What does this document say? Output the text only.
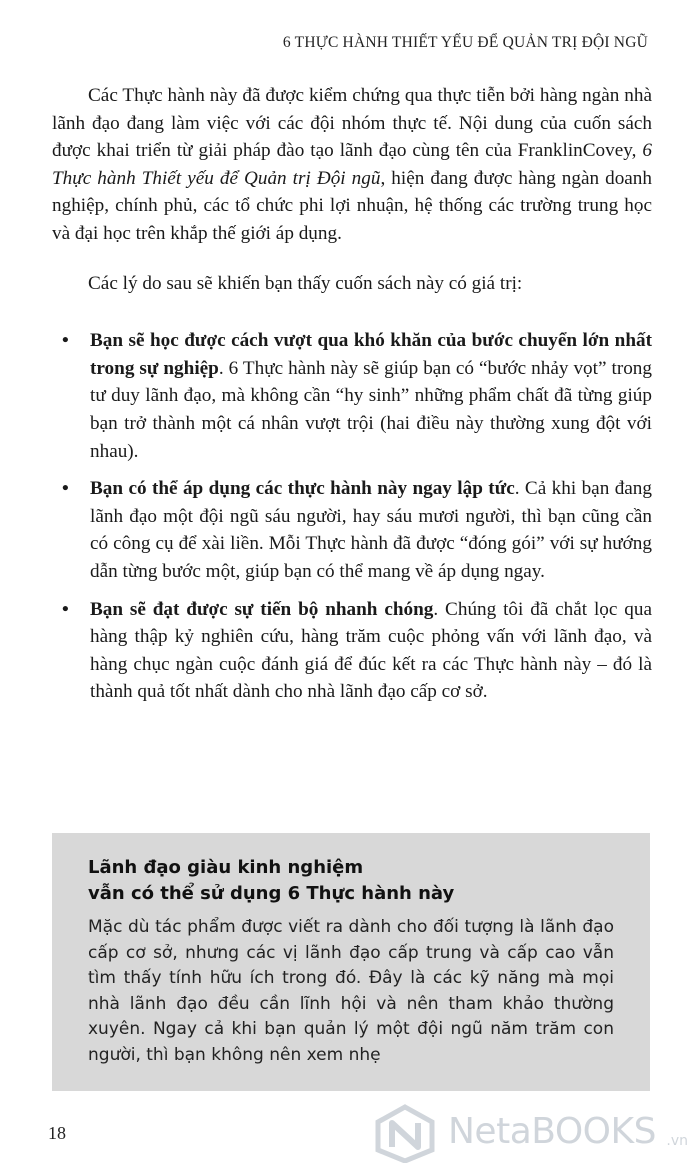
6 THỰC HÀNH THIẾT YẾU ĐỂ QUẢN TRỊ ĐỘI NGŨ

Các Thực hành này đã được kiểm chứng qua thực tiễn bởi hàng ngàn nhà lãnh đạo đang làm việc với các đội nhóm thực tế. Nội dung của cuốn sách được khai triển từ giải pháp đào tạo lãnh đạo cùng tên của FranklinCovey, 6 Thực hành Thiết yếu để Quản trị Đội ngũ, hiện đang được hàng ngàn doanh nghiệp, chính phủ, các tổ chức phi lợi nhuận, hệ thống các trường trung học và đại học trên khắp thế giới áp dụng.

Các lý do sau sẽ khiến bạn thấy cuốn sách này có giá trị:

• Bạn sẽ học được cách vượt qua khó khăn của bước chuyển lớn nhất trong sự nghiệp. 6 Thực hành này sẽ giúp bạn có “bước nhảy vọt” trong tư duy lãnh đạo, mà không cần “hy sinh” những phẩm chất đã từng giúp bạn trở thành một cá nhân vượt trội (hai điều này thường xung đột với nhau).
• Bạn có thể áp dụng các thực hành này ngay lập tức. Cả khi bạn đang lãnh đạo một đội ngũ sáu người, hay sáu mươi người, thì bạn cũng cần có công cụ để xài liền. Mỗi Thực hành đã được “đóng gói” với sự hướng dẫn từng bước một, giúp bạn có thể mang về áp dụng ngay.
• Bạn sẽ đạt được sự tiến bộ nhanh chóng. Chúng tôi đã chắt lọc qua hàng thập kỷ nghiên cứu, hàng trăm cuộc phỏng vấn với lãnh đạo, và hàng chục ngàn cuộc đánh giá để đúc kết ra các Thực hành này – đó là thành quả tốt nhất dành cho nhà lãnh đạo cấp cơ sở.
Lãnh đạo giàu kinh nghiệm
vẫn có thể sử dụng 6 Thực hành này

Mặc dù tác phẩm được viết ra dành cho đối tượng là lãnh đạo cấp cơ sở, nhưng các vị lãnh đạo cấp trung và cấp cao vẫn tìm thấy tính hữu ích trong đó. Đây là các kỹ năng mà mọi nhà lãnh đạo đều cần lĩnh hội và nên tham khảo thường xuyên. Ngay cả khi bạn quản lý một đội ngũ năm trăm con người, thì bạn không nên xem nhẹ

18	NetaBOOKS .vn
